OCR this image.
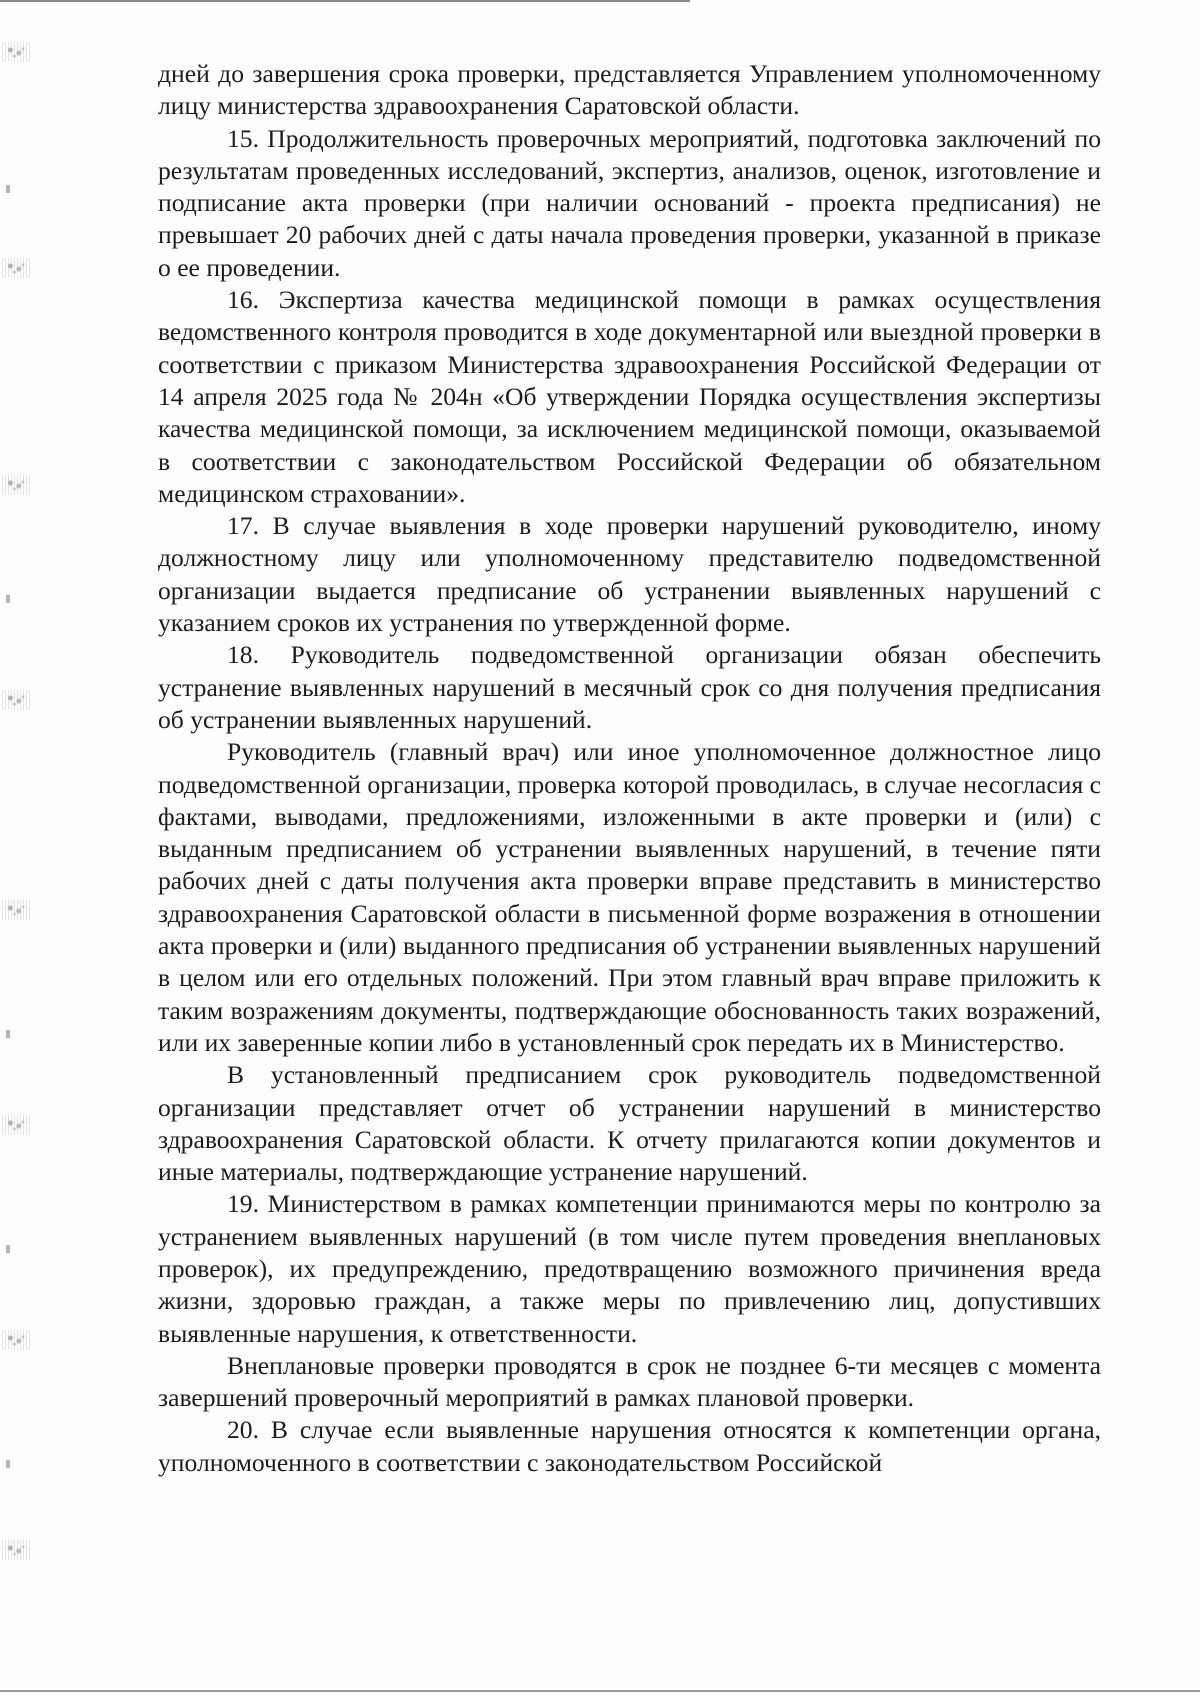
дней до завершения срока проверки, представляется Управлением уполномоченному лицу министерства здравоохранения Саратовской области.

15. Продолжительность проверочных мероприятий, подготовка заключений по результатам проведенных исследований, экспертиз, анализов, оценок, изготовление и подписание акта проверки (при наличии оснований - проекта предписания) не превышает 20 рабочих дней с даты начала проведения проверки, указанной в приказе о ее проведении.

16. Экспертиза качества медицинской помощи в рамках осуществления ведомственного контроля проводится в ходе документарной или выездной проверки в соответствии с приказом Министерства здравоохранения Российской Федерации от 14 апреля 2025 года № 204н «Об утверждении Порядка осуществления экспертизы качества медицинской помощи, за исключением медицинской помощи, оказываемой в соответствии с законодательством Российской Федерации об обязательном медицинском страховании».

17. В случае выявления в ходе проверки нарушений руководителю, иному должностному лицу или уполномоченному представителю подведомственной организации выдается предписание об устранении выявленных нарушений с указанием сроков их устранения по утвержденной форме.

18. Руководитель подведомственной организации обязан обеспечить устранение выявленных нарушений в месячный срок со дня получения предписания об устранении выявленных нарушений.

Руководитель (главный врач) или иное уполномоченное должностное лицо подведомственной организации, проверка которой проводилась, в случае несогласия с фактами, выводами, предложениями, изложенными в акте проверки и (или) с выданным предписанием об устранении выявленных нарушений, в течение пяти рабочих дней с даты получения акта проверки вправе представить в министерство здравоохранения Саратовской области в письменной форме возражения в отношении акта проверки и (или) выданного предписания об устранении выявленных нарушений в целом или его отдельных положений. При этом главный врач вправе приложить к таким возражениям документы, подтверждающие обоснованность таких возражений, или их заверенные копии либо в установленный срок передать их в Министерство.

В установленный предписанием срок руководитель подведомственной организации представляет отчет об устранении нарушений в министерство здравоохранения Саратовской области. К отчету прилагаются копии документов и иные материалы, подтверждающие устранение нарушений.

19. Министерством в рамках компетенции принимаются меры по контролю за устранением выявленных нарушений (в том числе путем проведения внеплановых проверок), их предупреждению, предотвращению возможного причинения вреда жизни, здоровью граждан, а также меры по привлечению лиц, допустивших выявленные нарушения, к ответственности.

Внеплановые проверки проводятся в срок не позднее 6-ти месяцев с момента завершений проверочный мероприятий в рамках плановой проверки.

20. В случае если выявленные нарушения относятся к компетенции органа, уполномоченного в соответствии с законодательством Российской
